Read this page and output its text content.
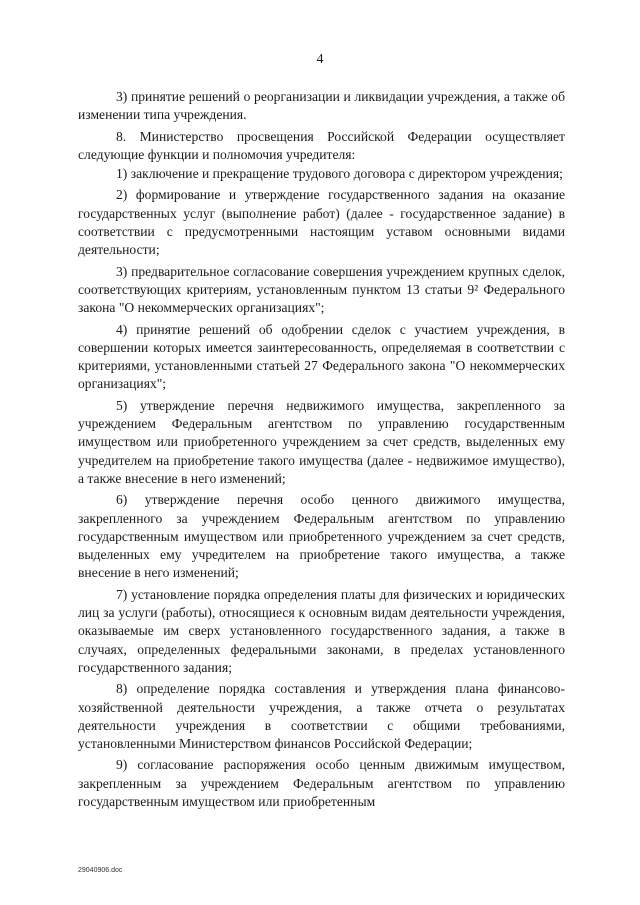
4

3) принятие решений о реорганизации и ликвидации учреждения, а также об изменении типа учреждения.

8. Министерство просвещения Российской Федерации осуществляет следующие функции и полномочия учредителя:

1) заключение и прекращение трудового договора с директором учреждения;

2) формирование и утверждение государственного задания на оказание государственных услуг (выполнение работ) (далее - государственное задание) в соответствии с предусмотренными настоящим уставом основными видами деятельности;

3) предварительное согласование совершения учреждением крупных сделок, соответствующих критериям, установленным пунктом 13 статьи 9² Федерального закона "О некоммерческих организациях";

4) принятие решений об одобрении сделок с участием учреждения, в совершении которых имеется заинтересованность, определяемая в соответствии с критериями, установленными статьей 27 Федерального закона "О некоммерческих организациях";

5) утверждение перечня недвижимого имущества, закрепленного за учреждением Федеральным агентством по управлению государственным имуществом или приобретенного учреждением за счет средств, выделенных ему учредителем на приобретение такого имущества (далее - недвижимое имущество), а также внесение в него изменений;

6) утверждение перечня особо ценного движимого имущества, закрепленного за учреждением Федеральным агентством по управлению государственным имуществом или приобретенного учреждением за счет средств, выделенных ему учредителем на приобретение такого имущества, а также внесение в него изменений;

7) установление порядка определения платы для физических и юридических лиц за услуги (работы), относящиеся к основным видам деятельности учреждения, оказываемые им сверх установленного государственного задания, а также в случаях, определенных федеральными законами, в пределах установленного государственного задания;

8) определение порядка составления и утверждения плана финансово-хозяйственной деятельности учреждения, а также отчета о результатах деятельности учреждения в соответствии с общими требованиями, установленными Министерством финансов Российской Федерации;

9) согласование распоряжения особо ценным движимым имуществом, закрепленным за учреждением Федеральным агентством по управлению государственным имуществом или приобретенным

29040906.doc
